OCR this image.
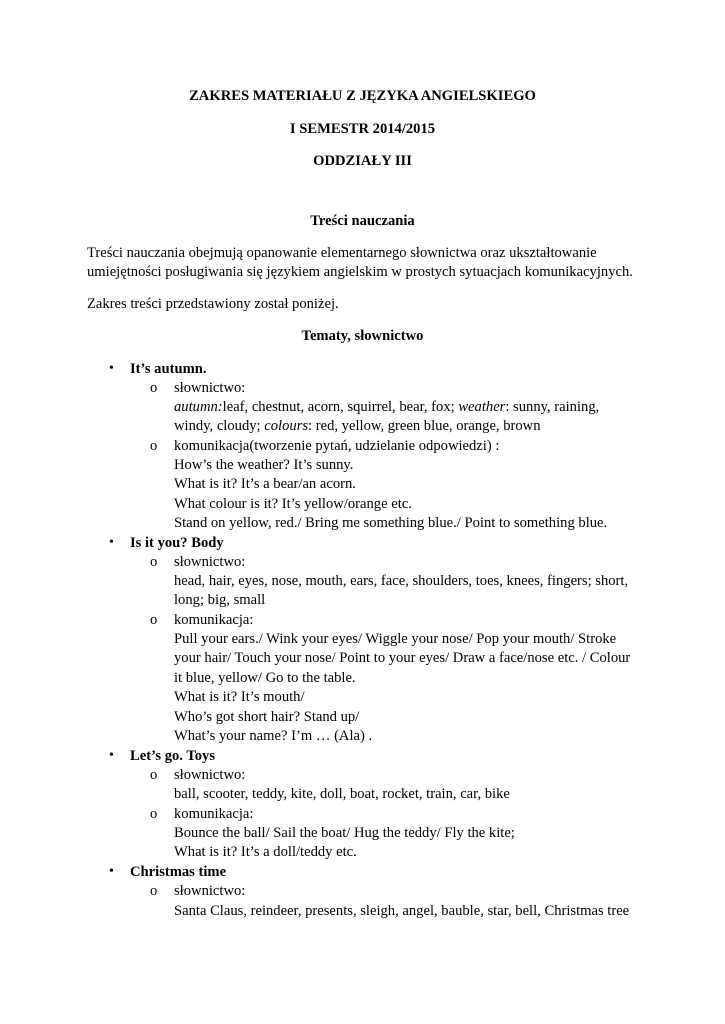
ZAKRES MATERIAŁU Z JĘZYKA ANGIELSKIEGO
I SEMESTR 2014/2015
ODDZIAŁY III
Treści nauczania
Treści nauczania obejmują opanowanie elementarnego słownictwa oraz ukształtowanie
umiejętności posługiwania się językiem angielskim w prostych sytuacjach komunikacyjnych.
Zakres treści przedstawiony został poniżej.
Tematy, słownictwo
• It’s autumn.
o słownictwo:
autumn:leaf, chestnut, acorn, squirrel, bear, fox; weather: sunny, raining,
windy, cloudy; colours: red, yellow, green blue, orange, brown
o komunikacja(tworzenie pytań, udzielanie odpowiedzi) :
How’s the weather? It’s sunny.
What is it? It’s a bear/an acorn.
What colour is it? It’s yellow/orange etc.
Stand on yellow, red./ Bring me something blue./ Point to something blue.
• Is it you? Body
o słownictwo:
head, hair, eyes, nose, mouth, ears, face, shoulders, toes, knees, fingers; short,
long; big, small
o komunikacja:
Pull your ears./ Wink your eyes/ Wiggle your nose/ Pop your mouth/ Stroke
your hair/ Touch your nose/ Point to your eyes/ Draw a face/nose etc. / Colour
it blue, yellow/ Go to the table.
What is it? It’s mouth/
Who’s got short hair? Stand up/
What’s your name? I’m … (Ala) .
• Let’s go. Toys
o słownictwo:
ball, scooter, teddy, kite, doll, boat, rocket, train, car, bike
o komunikacja:
Bounce the ball/ Sail the boat/ Hug the teddy/ Fly the kite;
What is it? It’s a doll/teddy etc.
• Christmas time
o słownictwo:
Santa Claus, reindeer, presents, sleigh, angel, bauble, star, bell, Christmas tree
